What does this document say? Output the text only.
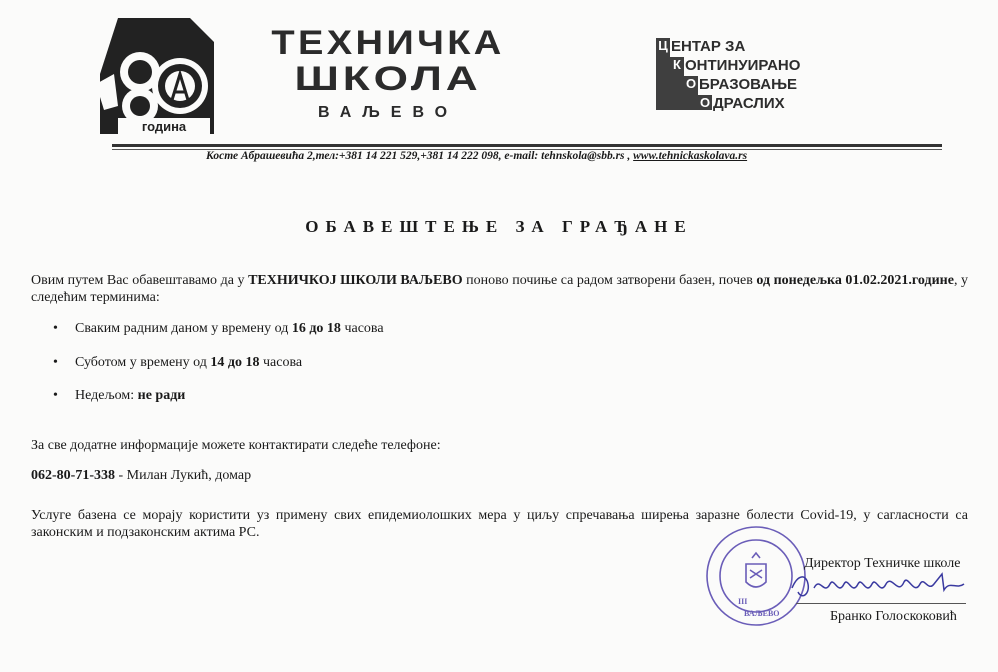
година
ТЕХНИЧКА
ШКОЛА
ВАЉЕВО
Ц ЕНТАР ЗА
К ОНТИНУИРАНО
О БРАЗОВАЊЕ
О ДРАСЛИХ
Косте Абрашевића 2,тел:+381 14 221 529,+381 14 222 098, e-mail: tehnskola@sbb.rs , www.tehnickaskolava.rs
ОБАВЕШТЕЊЕ ЗА ГРАЂАНЕ
Овим путем Вас обавештавамо да у ТЕХНИЧКОЈ ШКОЛИ ВАЉЕВО поново почиње са радом затворени базен, почев од понедељка 01.02.2021.године, у следећим терминима:
• Сваким радним даном у времену од 16 до 18 часова
• Суботом у времену од 14 до 18 часова
• Недељом: не ради
За све додатне информације можете контактирати следеће телефоне:
062-80-71-338 - Милан Лукић, домар
Услуге базена се морају користити уз примену свих епидемиолошких мера у циљу спречавања ширења заразне болести Covid-19, у сагласности са законским и подзаконским актима РС.
III
ВАЉЕВО
Директор Техничке школе
Бранко Голоскоковић
